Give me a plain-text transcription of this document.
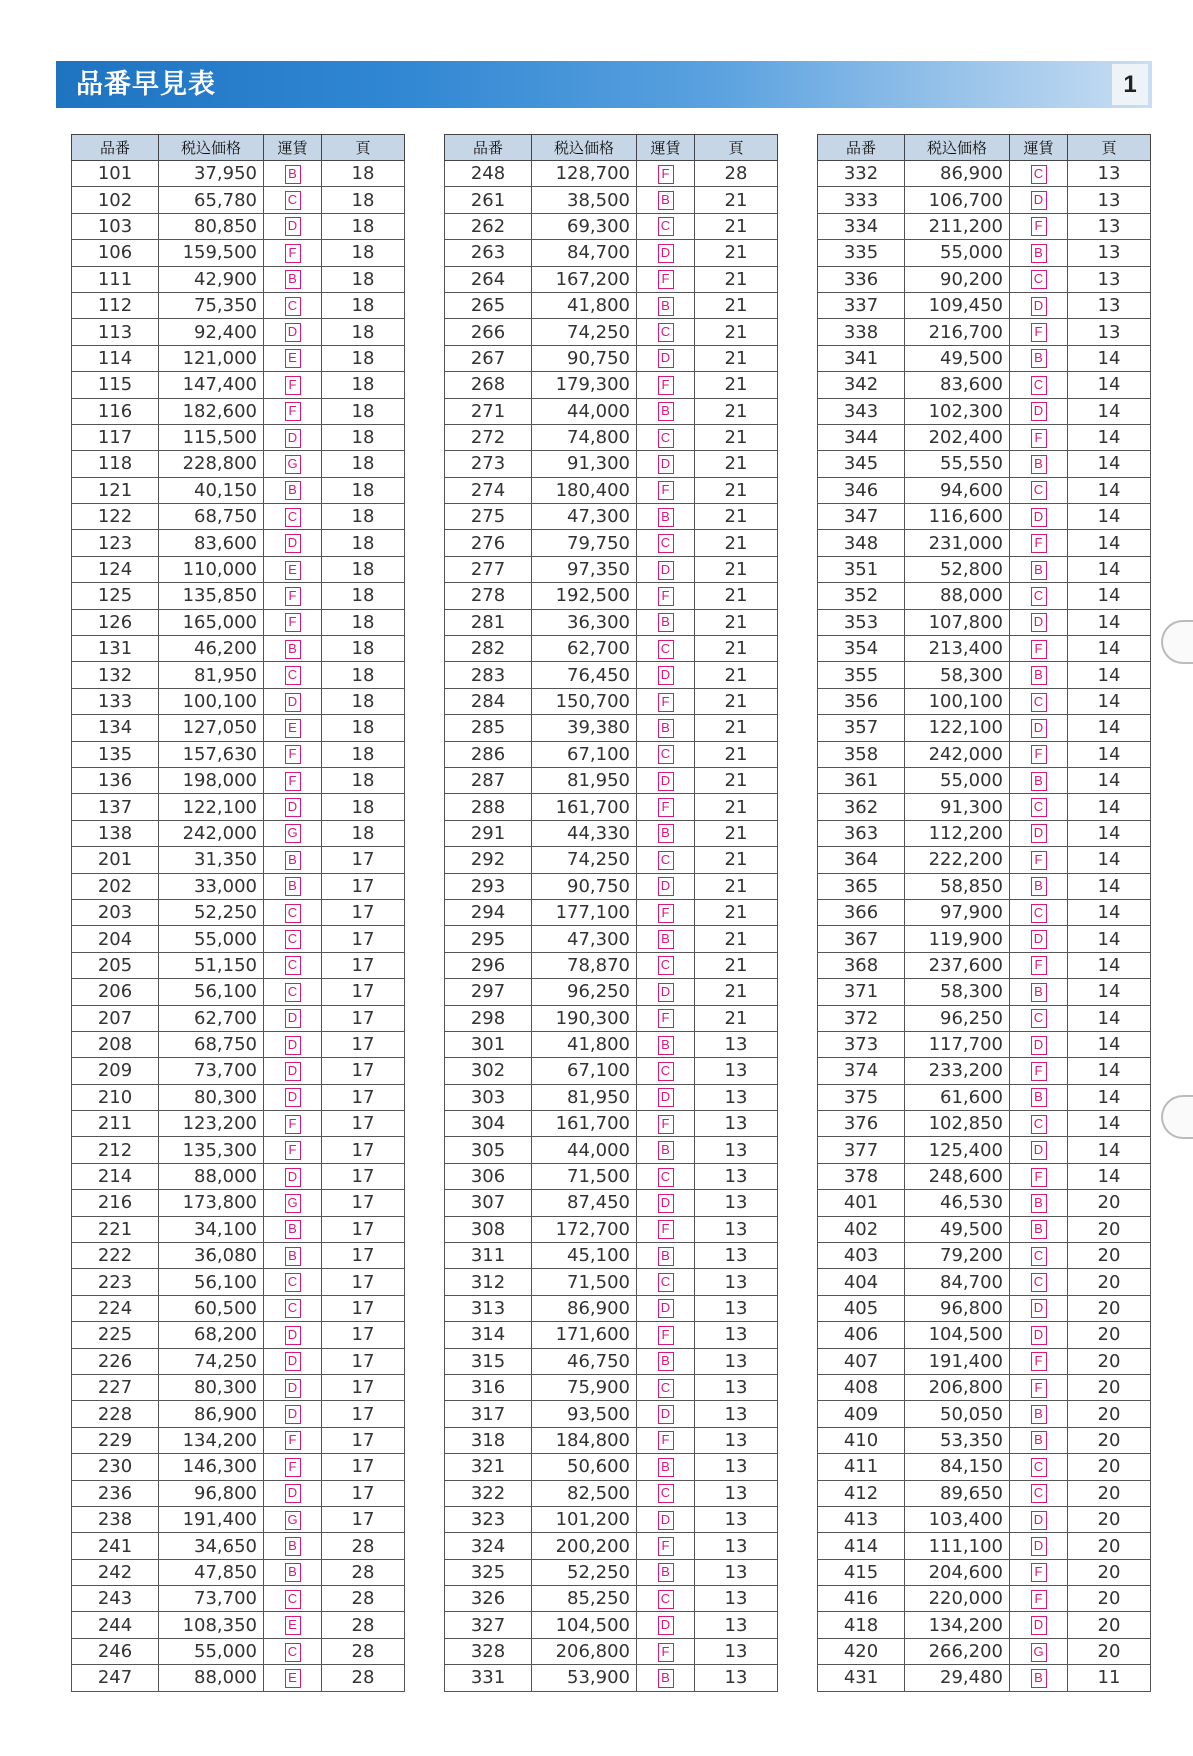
品番早見表	1
品番	税込価格	運賃	頁
101	37,950	B	18
102	65,780	C	18
103	80,850	D	18
106	159,500	F	18
111	42,900	B	18
112	75,350	C	18
113	92,400	D	18
114	121,000	E	18
115	147,400	F	18
116	182,600	F	18
117	115,500	D	18
118	228,800	G	18
121	40,150	B	18
122	68,750	C	18
123	83,600	D	18
124	110,000	E	18
125	135,850	F	18
126	165,000	F	18
131	46,200	B	18
132	81,950	C	18
133	100,100	D	18
134	127,050	E	18
135	157,630	F	18
136	198,000	F	18
137	122,100	D	18
138	242,000	G	18
201	31,350	B	17
202	33,000	B	17
203	52,250	C	17
204	55,000	C	17
205	51,150	C	17
206	56,100	C	17
207	62,700	D	17
208	68,750	D	17
209	73,700	D	17
210	80,300	D	17
211	123,200	F	17
212	135,300	F	17
214	88,000	D	17
216	173,800	G	17
221	34,100	B	17
222	36,080	B	17
223	56,100	C	17
224	60,500	C	17
225	68,200	D	17
226	74,250	D	17
227	80,300	D	17
228	86,900	D	17
229	134,200	F	17
230	146,300	F	17
236	96,800	D	17
238	191,400	G	17
241	34,650	B	28
242	47,850	B	28
243	73,700	C	28
244	108,350	E	28
246	55,000	C	28
247	88,000	E	28
品番	税込価格	運賃	頁
248	128,700	F	28
261	38,500	B	21
262	69,300	C	21
263	84,700	D	21
264	167,200	F	21
265	41,800	B	21
266	74,250	C	21
267	90,750	D	21
268	179,300	F	21
271	44,000	B	21
272	74,800	C	21
273	91,300	D	21
274	180,400	F	21
275	47,300	B	21
276	79,750	C	21
277	97,350	D	21
278	192,500	F	21
281	36,300	B	21
282	62,700	C	21
283	76,450	D	21
284	150,700	F	21
285	39,380	B	21
286	67,100	C	21
287	81,950	D	21
288	161,700	F	21
291	44,330	B	21
292	74,250	C	21
293	90,750	D	21
294	177,100	F	21
295	47,300	B	21
296	78,870	C	21
297	96,250	D	21
298	190,300	F	21
301	41,800	B	13
302	67,100	C	13
303	81,950	D	13
304	161,700	F	13
305	44,000	B	13
306	71,500	C	13
307	87,450	D	13
308	172,700	F	13
311	45,100	B	13
312	71,500	C	13
313	86,900	D	13
314	171,600	F	13
315	46,750	B	13
316	75,900	C	13
317	93,500	D	13
318	184,800	F	13
321	50,600	B	13
322	82,500	C	13
323	101,200	D	13
324	200,200	F	13
325	52,250	B	13
326	85,250	C	13
327	104,500	D	13
328	206,800	F	13
331	53,900	B	13
品番	税込価格	運賃	頁
332	86,900	C	13
333	106,700	D	13
334	211,200	F	13
335	55,000	B	13
336	90,200	C	13
337	109,450	D	13
338	216,700	F	13
341	49,500	B	14
342	83,600	C	14
343	102,300	D	14
344	202,400	F	14
345	55,550	B	14
346	94,600	C	14
347	116,600	D	14
348	231,000	F	14
351	52,800	B	14
352	88,000	C	14
353	107,800	D	14
354	213,400	F	14
355	58,300	B	14
356	100,100	C	14
357	122,100	D	14
358	242,000	F	14
361	55,000	B	14
362	91,300	C	14
363	112,200	D	14
364	222,200	F	14
365	58,850	B	14
366	97,900	C	14
367	119,900	D	14
368	237,600	F	14
371	58,300	B	14
372	96,250	C	14
373	117,700	D	14
374	233,200	F	14
375	61,600	B	14
376	102,850	C	14
377	125,400	D	14
378	248,600	F	14
401	46,530	B	20
402	49,500	B	20
403	79,200	C	20
404	84,700	C	20
405	96,800	D	20
406	104,500	D	20
407	191,400	F	20
408	206,800	F	20
409	50,050	B	20
410	53,350	B	20
411	84,150	C	20
412	89,650	C	20
413	103,400	D	20
414	111,100	D	20
415	204,600	F	20
416	220,000	F	20
418	134,200	D	20
420	266,200	G	20
431	29,480	B	11
